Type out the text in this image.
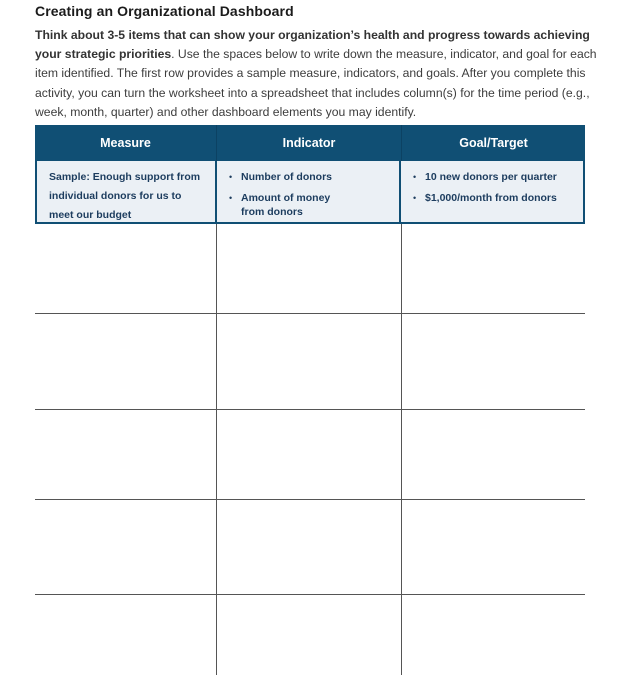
Creating an Organizational Dashboard

Think about 3-5 items that can show your organization’s health and progress towards achieving your strategic priorities. Use the spaces below to write down the measure, indicator, and goal for each item identified. The first row provides a sample measure, indicators, and goals. After you complete this activity, you can turn the worksheet into a spreadsheet that includes column(s) for the time period (e.g., week, month, quarter) and other dashboard elements you may identify.

Measure	Indicator	Goal/Target
Sample: Enough support from individual donors for us to meet our budget
• Number of donors
• Amount of money from donors
• 10 new donors per quarter
• $1,000/month from donors
